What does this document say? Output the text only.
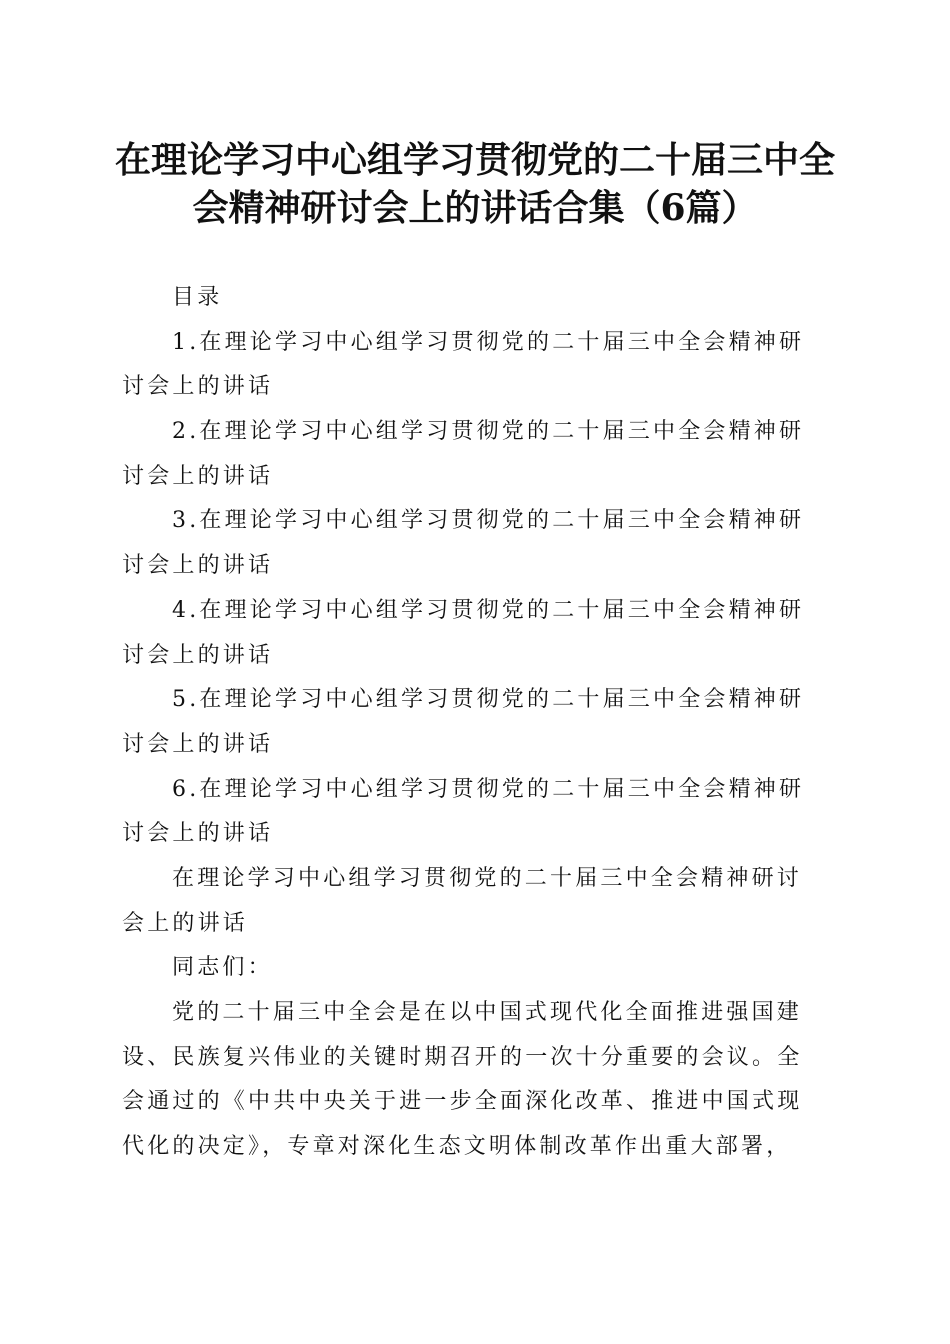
在理论学习中心组学习贯彻党的二十届三中全
会精神研讨会上的讲话合集（6篇）
目录
1.在理论学习中心组学习贯彻党的二十届三中全会精神研
讨会上的讲话
2.在理论学习中心组学习贯彻党的二十届三中全会精神研
讨会上的讲话
3.在理论学习中心组学习贯彻党的二十届三中全会精神研
讨会上的讲话
4.在理论学习中心组学习贯彻党的二十届三中全会精神研
讨会上的讲话
5.在理论学习中心组学习贯彻党的二十届三中全会精神研
讨会上的讲话
6.在理论学习中心组学习贯彻党的二十届三中全会精神研
讨会上的讲话
在理论学习中心组学习贯彻党的二十届三中全会精神研讨
会上的讲话
同志们：
党的二十届三中全会是在以中国式现代化全面推进强国建
设、民族复兴伟业的关键时期召开的一次十分重要的会议。全
会通过的《中共中央关于进一步全面深化改革、推进中国式现
代化的决定》，专章对深化生态文明体制改革作出重大部署，
